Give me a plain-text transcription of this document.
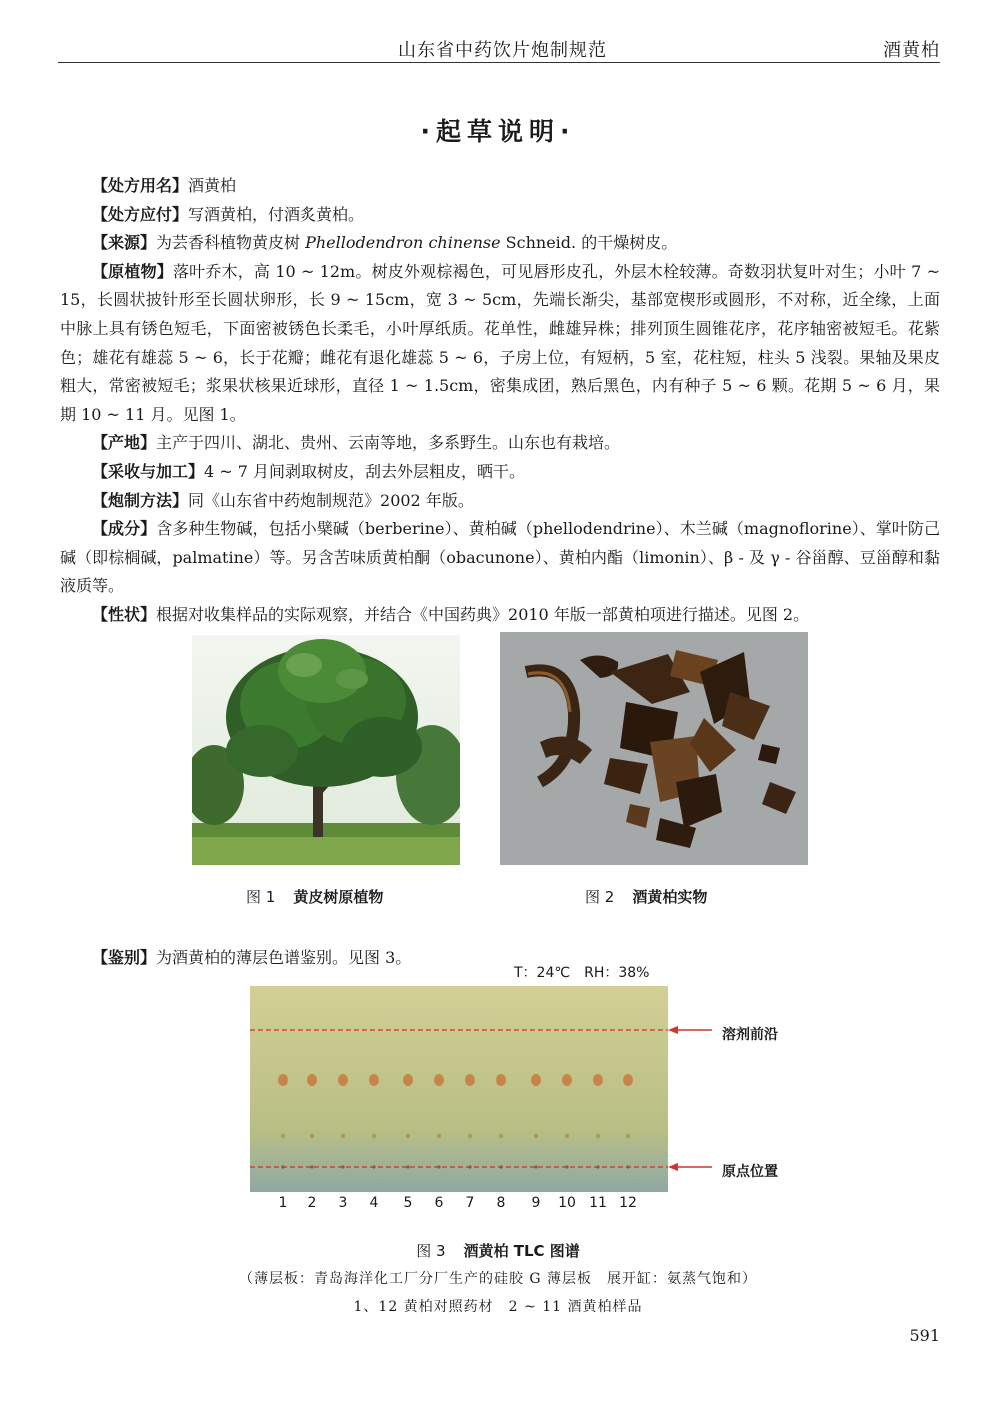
山东省中药饮片炮制规范	酒黄柏
·起草说明·

【处方用名】酒黄柏

【处方应付】写酒黄柏，付酒炙黄柏。

【来源】为芸香科植物黄皮树 Phellodendron chinense Schneid. 的干燥树皮。

【原植物】落叶乔木，高 10 ~ 12m。树皮外观棕褐色，可见唇形皮孔，外层木栓较薄。奇数羽状复叶对生；小叶 7 ~ 15，长圆状披针形至长圆状卵形，长 9 ~ 15cm，宽 3 ~ 5cm，先端长渐尖，基部宽楔形或圆形，不对称，近全缘，上面中脉上具有锈色短毛，下面密被锈色长柔毛，小叶厚纸质。花单性，雌雄异株；排列顶生圆锥花序，花序轴密被短毛。花紫色；雄花有雄蕊 5 ~ 6，长于花瓣；雌花有退化雄蕊 5 ~ 6，子房上位，有短柄，5 室，花柱短，柱头 5 浅裂。果轴及果皮粗大，常密被短毛；浆果状核果近球形，直径 1 ~ 1.5cm，密集成团，熟后黑色，内有种子 5 ~ 6 颗。花期 5 ~ 6 月，果期 10 ~ 11 月。见图 1。

【产地】主产于四川、湖北、贵州、云南等地，多系野生。山东也有栽培。

【采收与加工】4 ~ 7 月间剥取树皮，刮去外层粗皮，晒干。

【炮制方法】同《山东省中药炮制规范》2002 年版。

【成分】含多种生物碱，包括小檗碱（berberine）、黄柏碱（phellodendrine）、木兰碱（magnoflorine）、掌叶防己碱（即棕榈碱，palmatine）等。另含苦味质黄柏酮（obacunone）、黄柏内酯（limonin）、β - 及 γ - 谷甾醇、豆甾醇和黏液质等。

【性状】根据对收集样品的实际观察，并结合《中国药典》2010 年版一部黄柏项进行描述。见图 2。

图 1 黄皮树原植物	图 2 酒黄柏实物

【鉴别】为酒黄柏的薄层色谱鉴别。见图 3。

T：24℃ RH：38%
溶剂前沿
原点位置
1	2	3	4	5	6	7	8	9	10 11 12
图 3 酒黄柏 TLC 图谱
（薄层板：青岛海洋化工厂分厂生产的硅胶 G 薄层板　展开缸：氨蒸气饱和）
1、12 黄柏对照药材　2 ~ 11 酒黄柏样品
591
